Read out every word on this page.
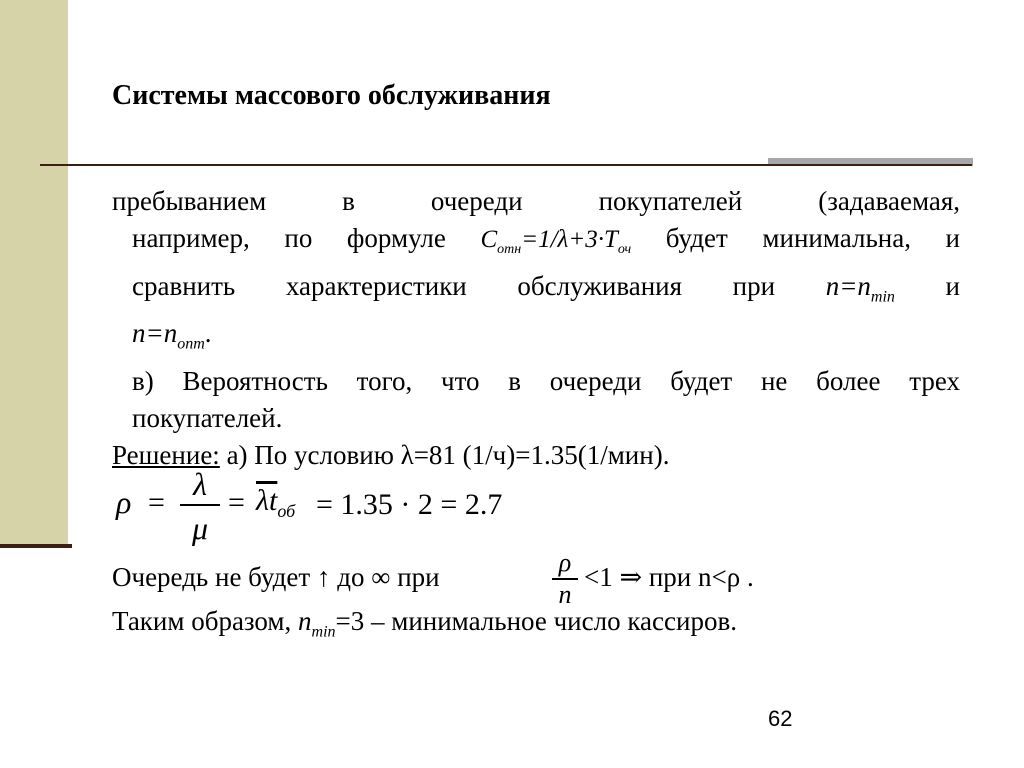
Системы массового обслуживания
пребыванием в очереди покупателей (задаваемая,
например, по формуле $C_{отн}=1/\lambda+3\cdot T_{оч}$ будет минимальна, и
сравнить характеристики обслуживания при $n=n_{min}$ и
$n=n_{опт}$.
в) Вероятность того, что в очереди будет не более трех
покупателей.
Решение: а) По условию λ=81 (1/ч)=1.35(1/мин).
ρ =
λ
μ
= $\overline{\lambda t}_{об} = 1.35 \cdot 2 = 2.7$
Очередь не будет ↑ до ∞ при	ρ
n
<1 ⇒ при n<ρ .
Таким образом, $n_{min}=3$ – минимальное число кассиров.
62
